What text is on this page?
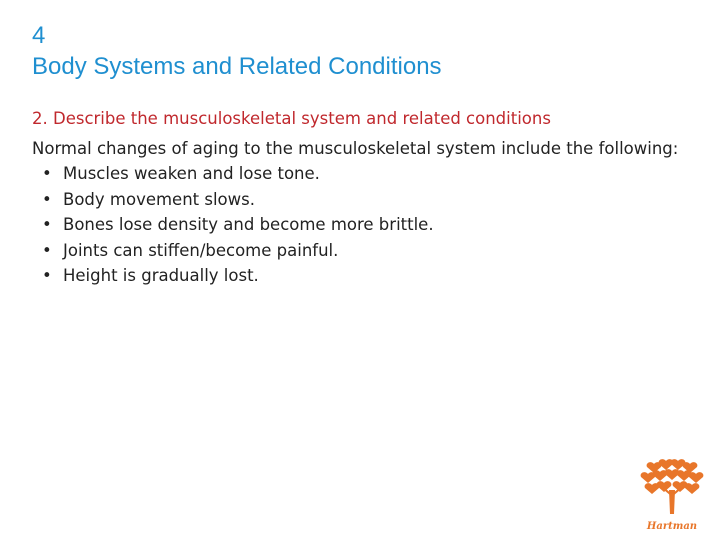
4
Body Systems and Related Conditions

2. Describe the musculoskeletal system and related conditions

Normal changes of aging to the musculoskeletal system include the following:

• Muscles weaken and lose tone.
• Body movement slows.
• Bones lose density and become more brittle.
• Joints can stiffen/become painful.
• Height is gradually lost.
Hartman
